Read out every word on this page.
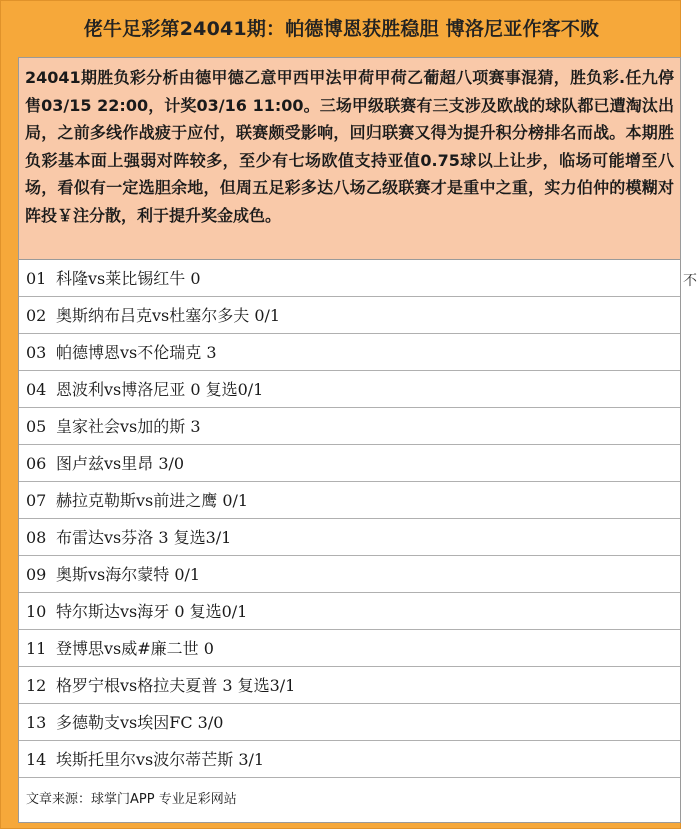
佬牛足彩第24041期：帕德博恩获胜稳胆 博洛尼亚作客不败
24041期胜负彩分析由德甲德乙意甲西甲法甲荷甲荷乙葡超八项赛事混猜，胜负彩.任九停售03/15 22:00，计奖03/16 11:00。三场甲级联赛有三支涉及欧战的球队都已遭淘汰出局，之前多线作战疲于应付，联赛颇受影响，回归联赛又得为提升积分榜排名而战。本期胜负彩基本面上强弱对阵较多，至少有七场欧值支持亚值0.75球以上让步，临场可能增至八场，看似有一定选胆余地，但周五足彩多达八场乙级联赛才是重中之重，实力伯仲的模糊对阵投￥注分散，利于提升奖金成色。
01 科隆vs莱比锡红牛 0
02 奥斯纳布吕克vs杜塞尔多夫 0/1
03 帕德博恩vs不伦瑞克 3
04 恩波利vs博洛尼亚 0 复选0/1
05 皇家社会vs加的斯 3
06 图卢兹vs里昂 3/0
07 赫拉克勒斯vs前进之鹰 0/1
08 布雷达vs芬洛 3 复选3/1
09 奥斯vs海尔蒙特 0/1
10 特尔斯达vs海牙 0 复选0/1
11 登博思vs威#廉二世 0
12 格罗宁根vs格拉夫夏普 3 复选3/1
13 多德勒支vs埃因FC 3/0
14 埃斯托里尔vs波尔蒂芒斯 3/1
文章来源：球掌门APP 专业足彩网站
不
